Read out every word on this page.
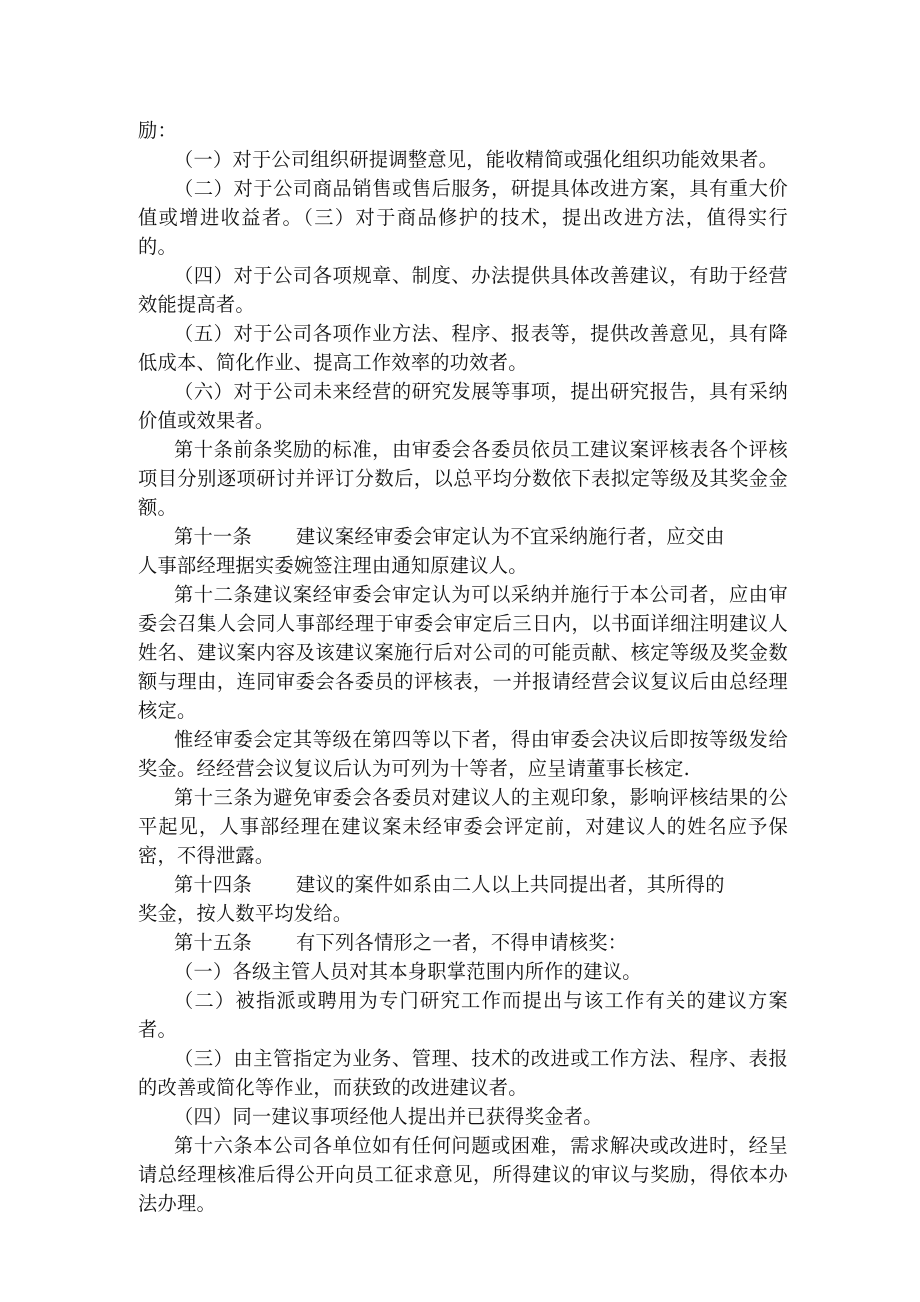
励：

（一）对于公司组织研提调整意见，能收精简或强化组织功能效果者。

（二）对于公司商品销售或售后服务，研提具体改进方案，具有重大价值或增进收益者。（三）对于商品修护的技术，提出改进方法，值得实行的。

（四）对于公司各项规章、制度、办法提供具体改善建议，有助于经营效能提高者。

（五）对于公司各项作业方法、程序、报表等，提供改善意见，具有降低成本、简化作业、提高工作效率的功效者。

（六）对于公司未来经营的研究发展等事项，提出研究报告，具有采纳价值或效果者。

第十条前条奖励的标准，由审委会各委员依员工建议案评核表各个评核项目分别逐项研讨并评订分数后，以总平均分数依下表拟定等级及其奖金金额。

第十一条 建议案经审委会审定认为不宜采纳施行者，应交由

人事部经理据实委婉签注理由通知原建议人。

第十二条建议案经审委会审定认为可以采纳并施行于本公司者，应由审委会召集人会同人事部经理于审委会审定后三日内，以书面详细注明建议人姓名、建议案内容及该建议案施行后对公司的可能贡献、核定等级及奖金数额与理由，连同审委会各委员的评核表，一并报请经营会议复议后由总经理核定。

惟经审委会定其等级在第四等以下者，得由审委会决议后即按等级发给奖金。经经营会议复议后认为可列为十等者，应呈请董事长核定.

第十三条为避免审委会各委员对建议人的主观印象，影响评核结果的公平起见，人事部经理在建议案未经审委会评定前，对建议人的姓名应予保密，不得泄露。

第十四条 建议的案件如系由二人以上共同提出者，其所得的

奖金，按人数平均发给。

第十五条 有下列各情形之一者，不得申请核奖：

（一）各级主管人员对其本身职掌范围内所作的建议。

（二）被指派或聘用为专门研究工作而提出与该工作有关的建议方案者。

（三）由主管指定为业务、管理、技术的改进或工作方法、程序、表报的改善或简化等作业，而获致的改进建议者。

（四）同一建议事项经他人提出并已获得奖金者。

第十六条本公司各单位如有任何问题或困难，需求解决或改进时，经呈请总经理核准后得公开向员工征求意见，所得建议的审议与奖励，得依本办法办理。
